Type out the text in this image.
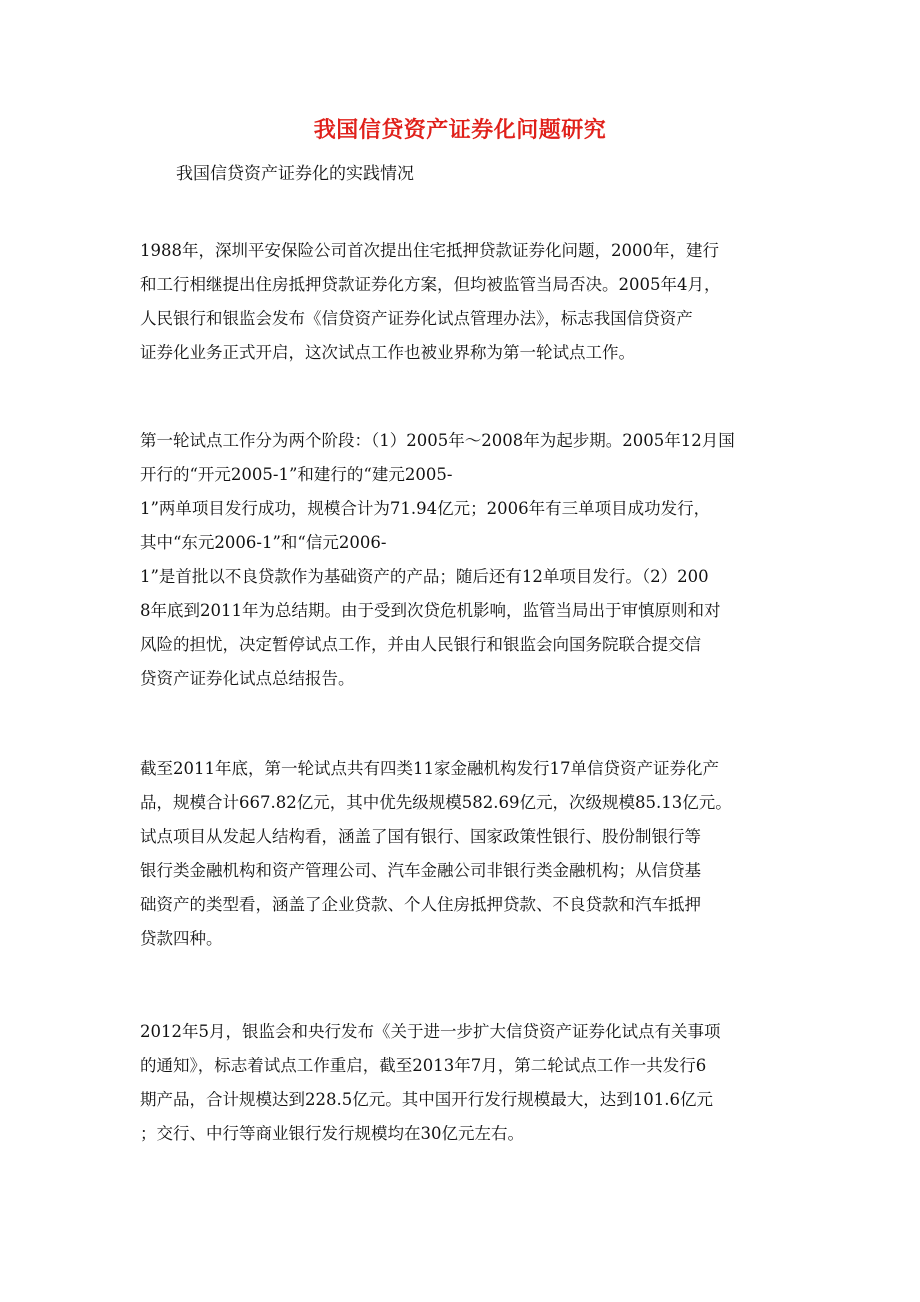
我国信贷资产证券化问题研究
我国信贷资产证券化的实践情况
1988年，深圳平安保险公司首次提出住宅抵押贷款证券化问题，2000年，建行
和工行相继提出住房抵押贷款证券化方案，但均被监管当局否决。2005年4月，
人民银行和银监会发布《信贷资产证券化试点管理办法》，标志我国信贷资产
证券化业务正式开启，这次试点工作也被业界称为第一轮试点工作。
第一轮试点工作分为两个阶段：（1）2005年～2008年为起步期。2005年12月国
开行的“开元2005-1”和建行的“建元2005-
1”两单项目发行成功，规模合计为71.94亿元；2006年有三单项目成功发行，
其中“东元2006-1”和“信元2006-
1”是首批以不良贷款作为基础资产的产品；随后还有12单项目发行。（2）200
8年底到2011年为总结期。由于受到次贷危机影响，监管当局出于审慎原则和对
风险的担忧，决定暂停试点工作，并由人民银行和银监会向国务院联合提交信
贷资产证券化试点总结报告。
截至2011年底，第一轮试点共有四类11家金融机构发行17单信贷资产证券化产
品，规模合计667.82亿元，其中优先级规模582.69亿元，次级规模85.13亿元。
试点项目从发起人结构看，涵盖了国有银行、国家政策性银行、股份制银行等
银行类金融机构和资产管理公司、汽车金融公司非银行类金融机构；从信贷基
础资产的类型看，涵盖了企业贷款、个人住房抵押贷款、不良贷款和汽车抵押
贷款四种。
2012年5月，银监会和央行发布《关于进一步扩大信贷资产证券化试点有关事项
的通知》，标志着试点工作重启，截至2013年7月，第二轮试点工作一共发行6
期产品，合计规模达到228.5亿元。其中国开行发行规模最大，达到101.6亿元
；交行、中行等商业银行发行规模均在30亿元左右。
